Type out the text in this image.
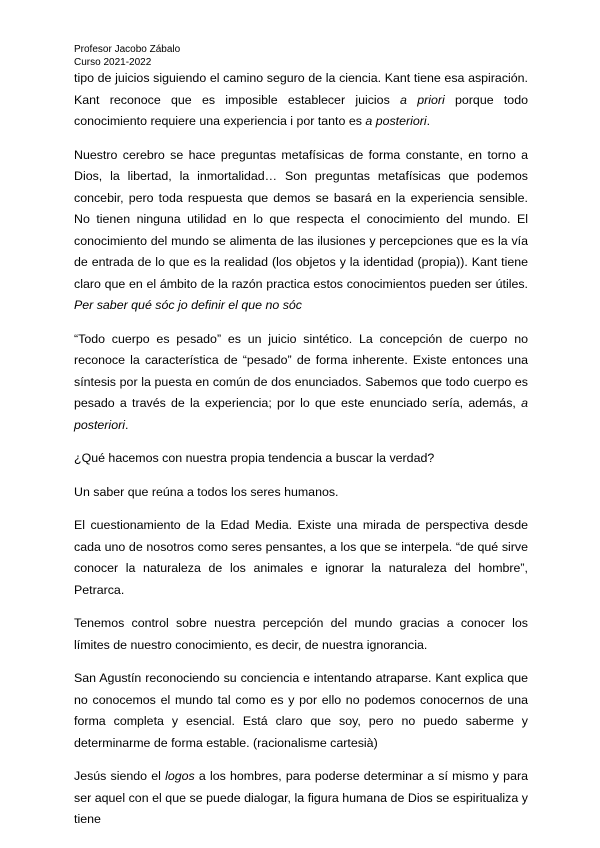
Profesor Jacobo Zábalo
Curso 2021-2022

tipo de juicios siguiendo el camino seguro de la ciencia. Kant tiene esa aspiración. Kant reconoce que es imposible establecer juicios a priori porque todo conocimiento requiere una experiencia i por tanto es a posteriori.

Nuestro cerebro se hace preguntas metafísicas de forma constante, en torno a Dios, la libertad, la inmortalidad… Son preguntas metafísicas que podemos concebir, pero toda respuesta que demos se basará en la experiencia sensible. No tienen ninguna utilidad en lo que respecta el conocimiento del mundo. El conocimiento del mundo se alimenta de las ilusiones y percepciones que es la vía de entrada de lo que es la realidad (los objetos y la identidad (propia)). Kant tiene claro que en el ámbito de la razón practica estos conocimientos pueden ser útiles. Per saber qué sóc jo definir el que no sóc

“Todo cuerpo es pesado” es un juicio sintético. La concepción de cuerpo no reconoce la característica de “pesado” de forma inherente. Existe entonces una síntesis por la puesta en común de dos enunciados. Sabemos que todo cuerpo es pesado a través de la experiencia; por lo que este enunciado sería, además, a posteriori.

¿Qué hacemos con nuestra propia tendencia a buscar la verdad?

Un saber que reúna a todos los seres humanos.

El cuestionamiento de la Edad Media. Existe una mirada de perspectiva desde cada uno de nosotros como seres pensantes, a los que se interpela. “de qué sirve conocer la naturaleza de los animales e ignorar la naturaleza del hombre”, Petrarca.

Tenemos control sobre nuestra percepción del mundo gracias a conocer los límites de nuestro conocimiento, es decir, de nuestra ignorancia.

San Agustín reconociendo su conciencia e intentando atraparse. Kant explica que no conocemos el mundo tal como es y por ello no podemos conocernos de una forma completa y esencial. Está claro que soy, pero no puedo saberme y determinarme de forma estable. (racionalisme cartesià)

Jesús siendo el logos a los hombres, para poderse determinar a sí mismo y para ser aquel con el que se puede dialogar, la figura humana de Dios se espiritualiza y tiene
